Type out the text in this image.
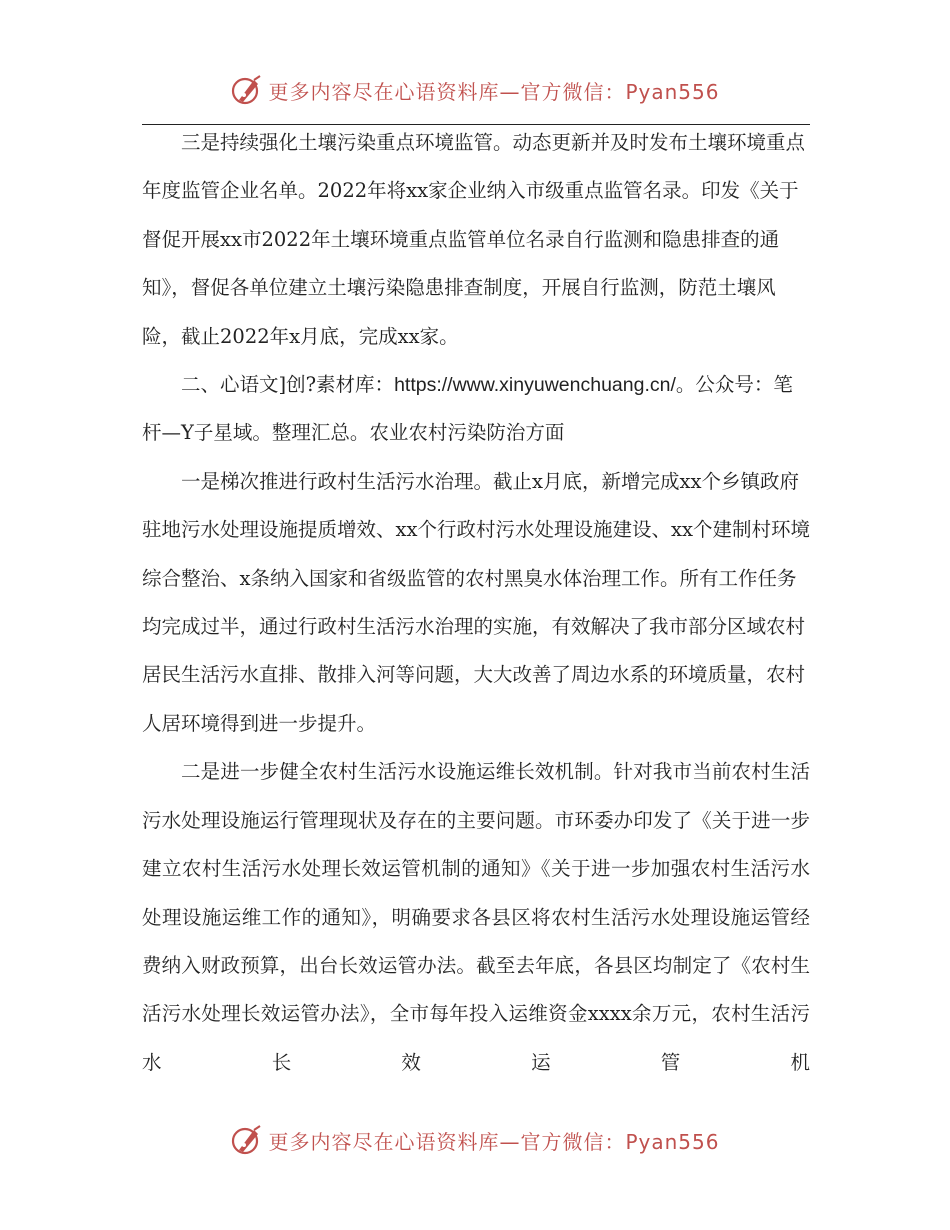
更多内容尽在心语资料库—官方微信：Pyan556

三是持续强化土壤污染重点环境监管。动态更新并及时发布土壤环境重点年度监管企业名单。2022年将xx家企业纳入市级重点监管名录。印发《关于督促开展xx市2022年土壤环境重点监管单位名录自行监测和隐患排查的通知》，督促各单位建立土壤污染隐患排查制度，开展自行监测，防范土壤风险，截止2022年x月底，完成xx家。

二、心语文]创?素材库：https://www.xinyuwenchuang.cn/。公众号：笔杆—Y子星域。整理汇总。农业农村污染防治方面

一是梯次推进行政村生活污水治理。截止x月底，新增完成xx个乡镇政府驻地污水处理设施提质增效、xx个行政村污水处理设施建设、xx个建制村环境综合整治、x条纳入国家和省级监管的农村黑臭水体治理工作。所有工作任务均完成过半，通过行政村生活污水治理的实施，有效解决了我市部分区域农村居民生活污水直排、散排入河等问题，大大改善了周边水系的环境质量，农村人居环境得到进一步提升。

二是进一步健全农村生活污水设施运维长效机制。针对我市当前农村生活污水处理设施运行管理现状及存在的主要问题。市环委办印发了《关于进一步建立农村生活污水处理长效运管机制的通知》《关于进一步加强农村生活污水处理设施运维工作的通知》，明确要求各县区将农村生活污水处理设施运管经费纳入财政预算，出台长效运管办法。截至去年底，各县区均制定了《农村生活污水处理长效运管办法》，全市每年投入运维资金xxxx余万元，农村生活污水长效运管机

更多内容尽在心语资料库—官方微信：Pyan556
